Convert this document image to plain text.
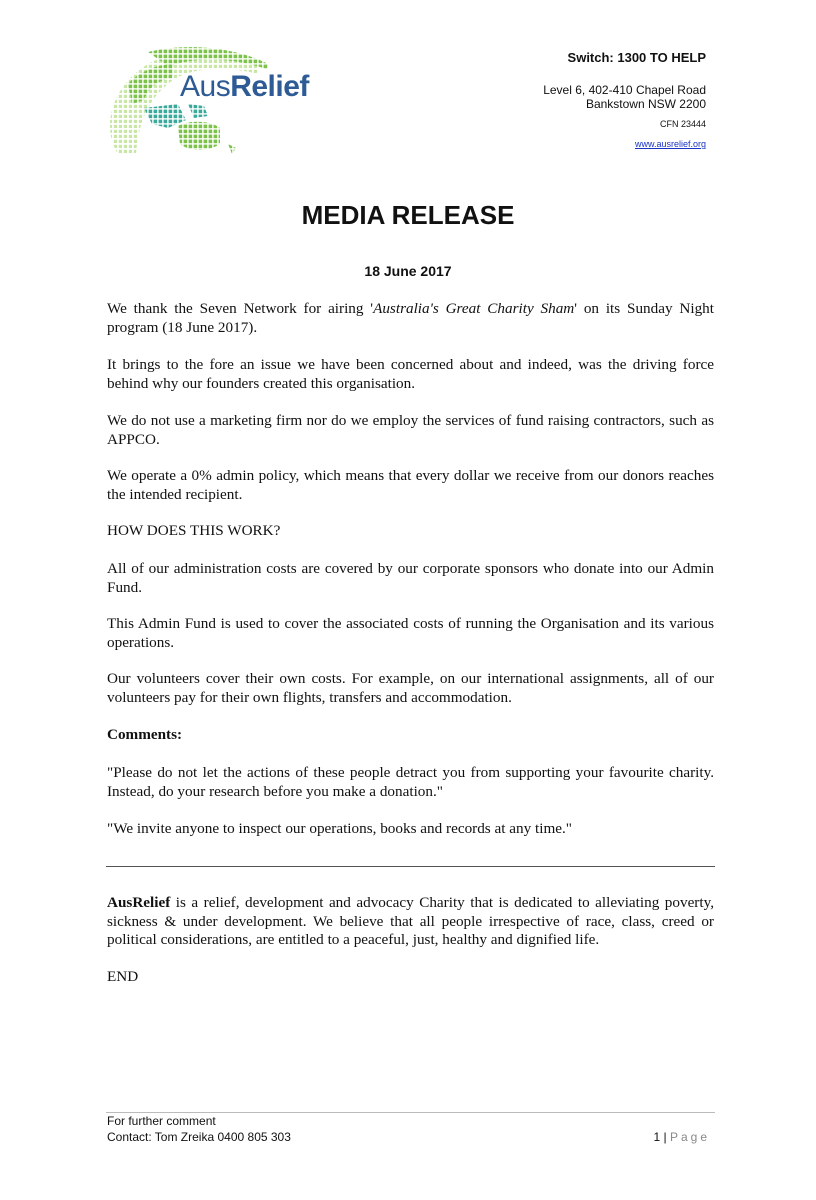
AusRelief
Switch: 1300 TO HELP
Level 6, 402-410 Chapel Road
Bankstown NSW 2200
CFN 23444
www.ausrelief.org
MEDIA RELEASE
18 June 2017

We thank the Seven Network for airing 'Australia's Great Charity Sham' on its Sunday Night program (18 June 2017).

It brings to the fore an issue we have been concerned about and indeed, was the driving force behind why our founders created this organisation.
We do not use a marketing firm nor do we employ the services of fund raising contractors, such as APPCO.
We operate a 0% admin policy, which means that every dollar we receive from our donors reaches the intended recipient.
HOW DOES THIS WORK?
All of our administration costs are covered by our corporate sponsors who donate into our Admin Fund.
This Admin Fund is used to cover the associated costs of running the Organisation and its various operations.
Our volunteers cover their own costs. For example, on our international assignments, all of our volunteers pay for their own flights, transfers and accommodation.
Comments:
"Please do not let the actions of these people detract you from supporting your favourite charity. Instead, do your research before you make a donation."
"We invite anyone to inspect our operations, books and records at any time."

AusRelief is a relief, development and advocacy Charity that is dedicated to alleviating poverty, sickness & under development. We believe that all people irrespective of race, class, creed or political considerations, are entitled to a peaceful, just, healthy and dignified life.

END
For further comment
Contact: Tom Zreika 0400 805 303	1 | Page
